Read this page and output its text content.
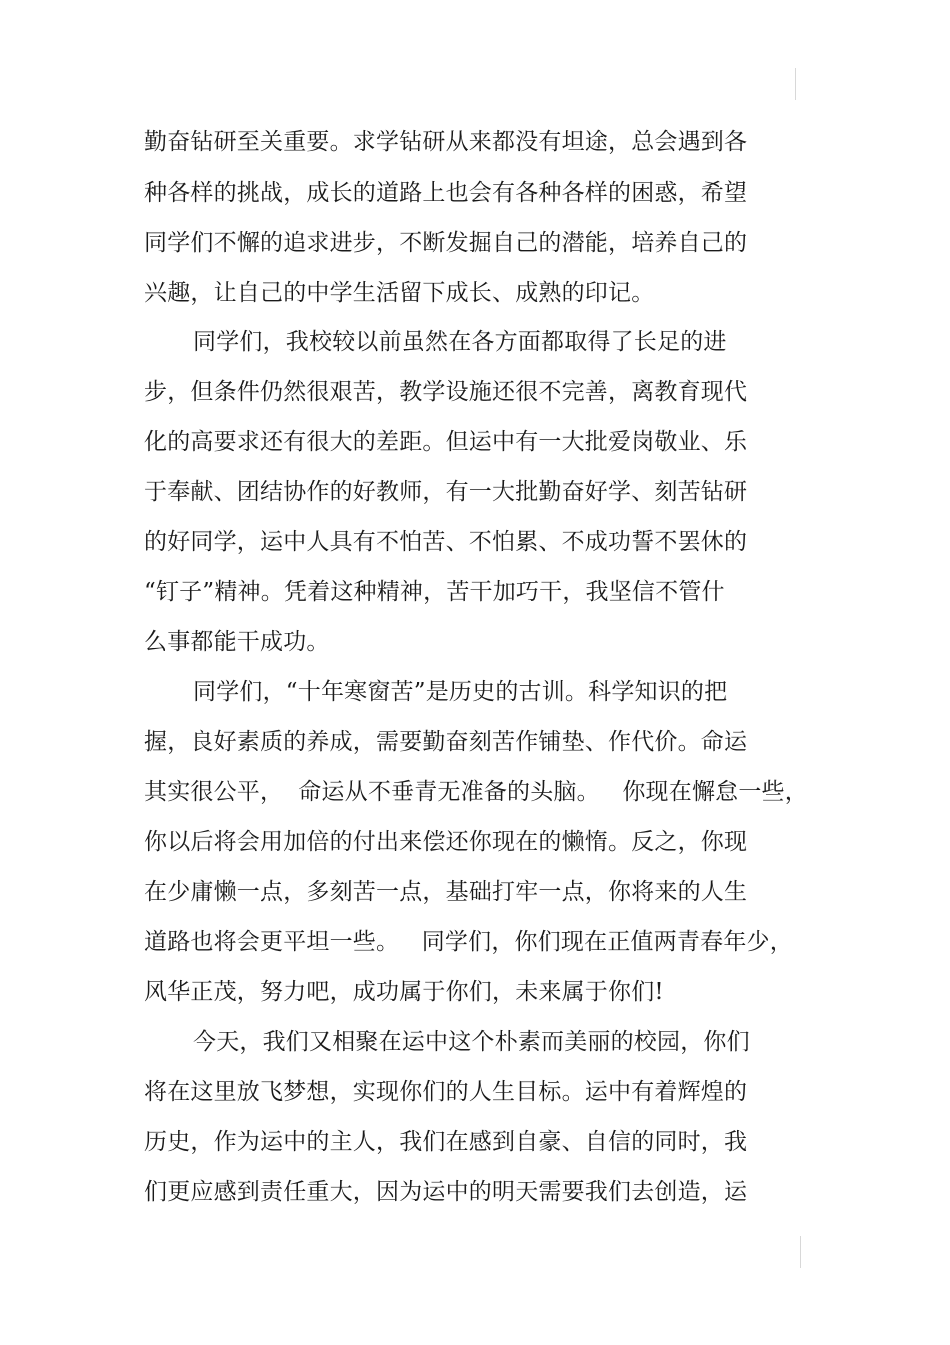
勤奋钻研至关重要。求学钻研从来都没有坦途，总会遇到各
种各样的挑战，成长的道路上也会有各种各样的困惑，希望
同学们不懈的追求进步，不断发掘自己的潜能，培养自己的
兴趣，让自己的中学生活留下成长、成熟的印记。
同学们，我校较以前虽然在各方面都取得了长足的进
步，但条件仍然很艰苦，教学设施还很不完善，离教育现代
化的高要求还有很大的差距。但运中有一大批爱岗敬业、乐
于奉献、团结协作的好教师，有一大批勤奋好学、刻苦钻研
的好同学，运中人具有不怕苦、不怕累、不成功誓不罢休的
“钉子”精神。凭着这种精神，苦干加巧干，我坚信不管什
么事都能干成功。
同学们，“十年寒窗苦”是历史的古训。科学知识的把
握，良好素质的养成，需要勤奋刻苦作铺垫、作代价。命运
其实很公平，  命运从不垂青无准备的头脑。   你现在懈怠一些，
你以后将会用加倍的付出来偿还你现在的懒惰。反之，你现
在少庸懒一点，多刻苦一点，基础打牢一点，你将来的人生
道路也将会更平坦一些。   同学们，你们现在正值两青春年少，
风华正茂，努力吧，成功属于你们，未来属于你们!
今天，我们又相聚在运中这个朴素而美丽的校园，你们
将在这里放飞梦想，实现你们的人生目标。运中有着辉煌的
历史，作为运中的主人，我们在感到自豪、自信的同时，我
们更应感到责任重大，因为运中的明天需要我们去创造，运
